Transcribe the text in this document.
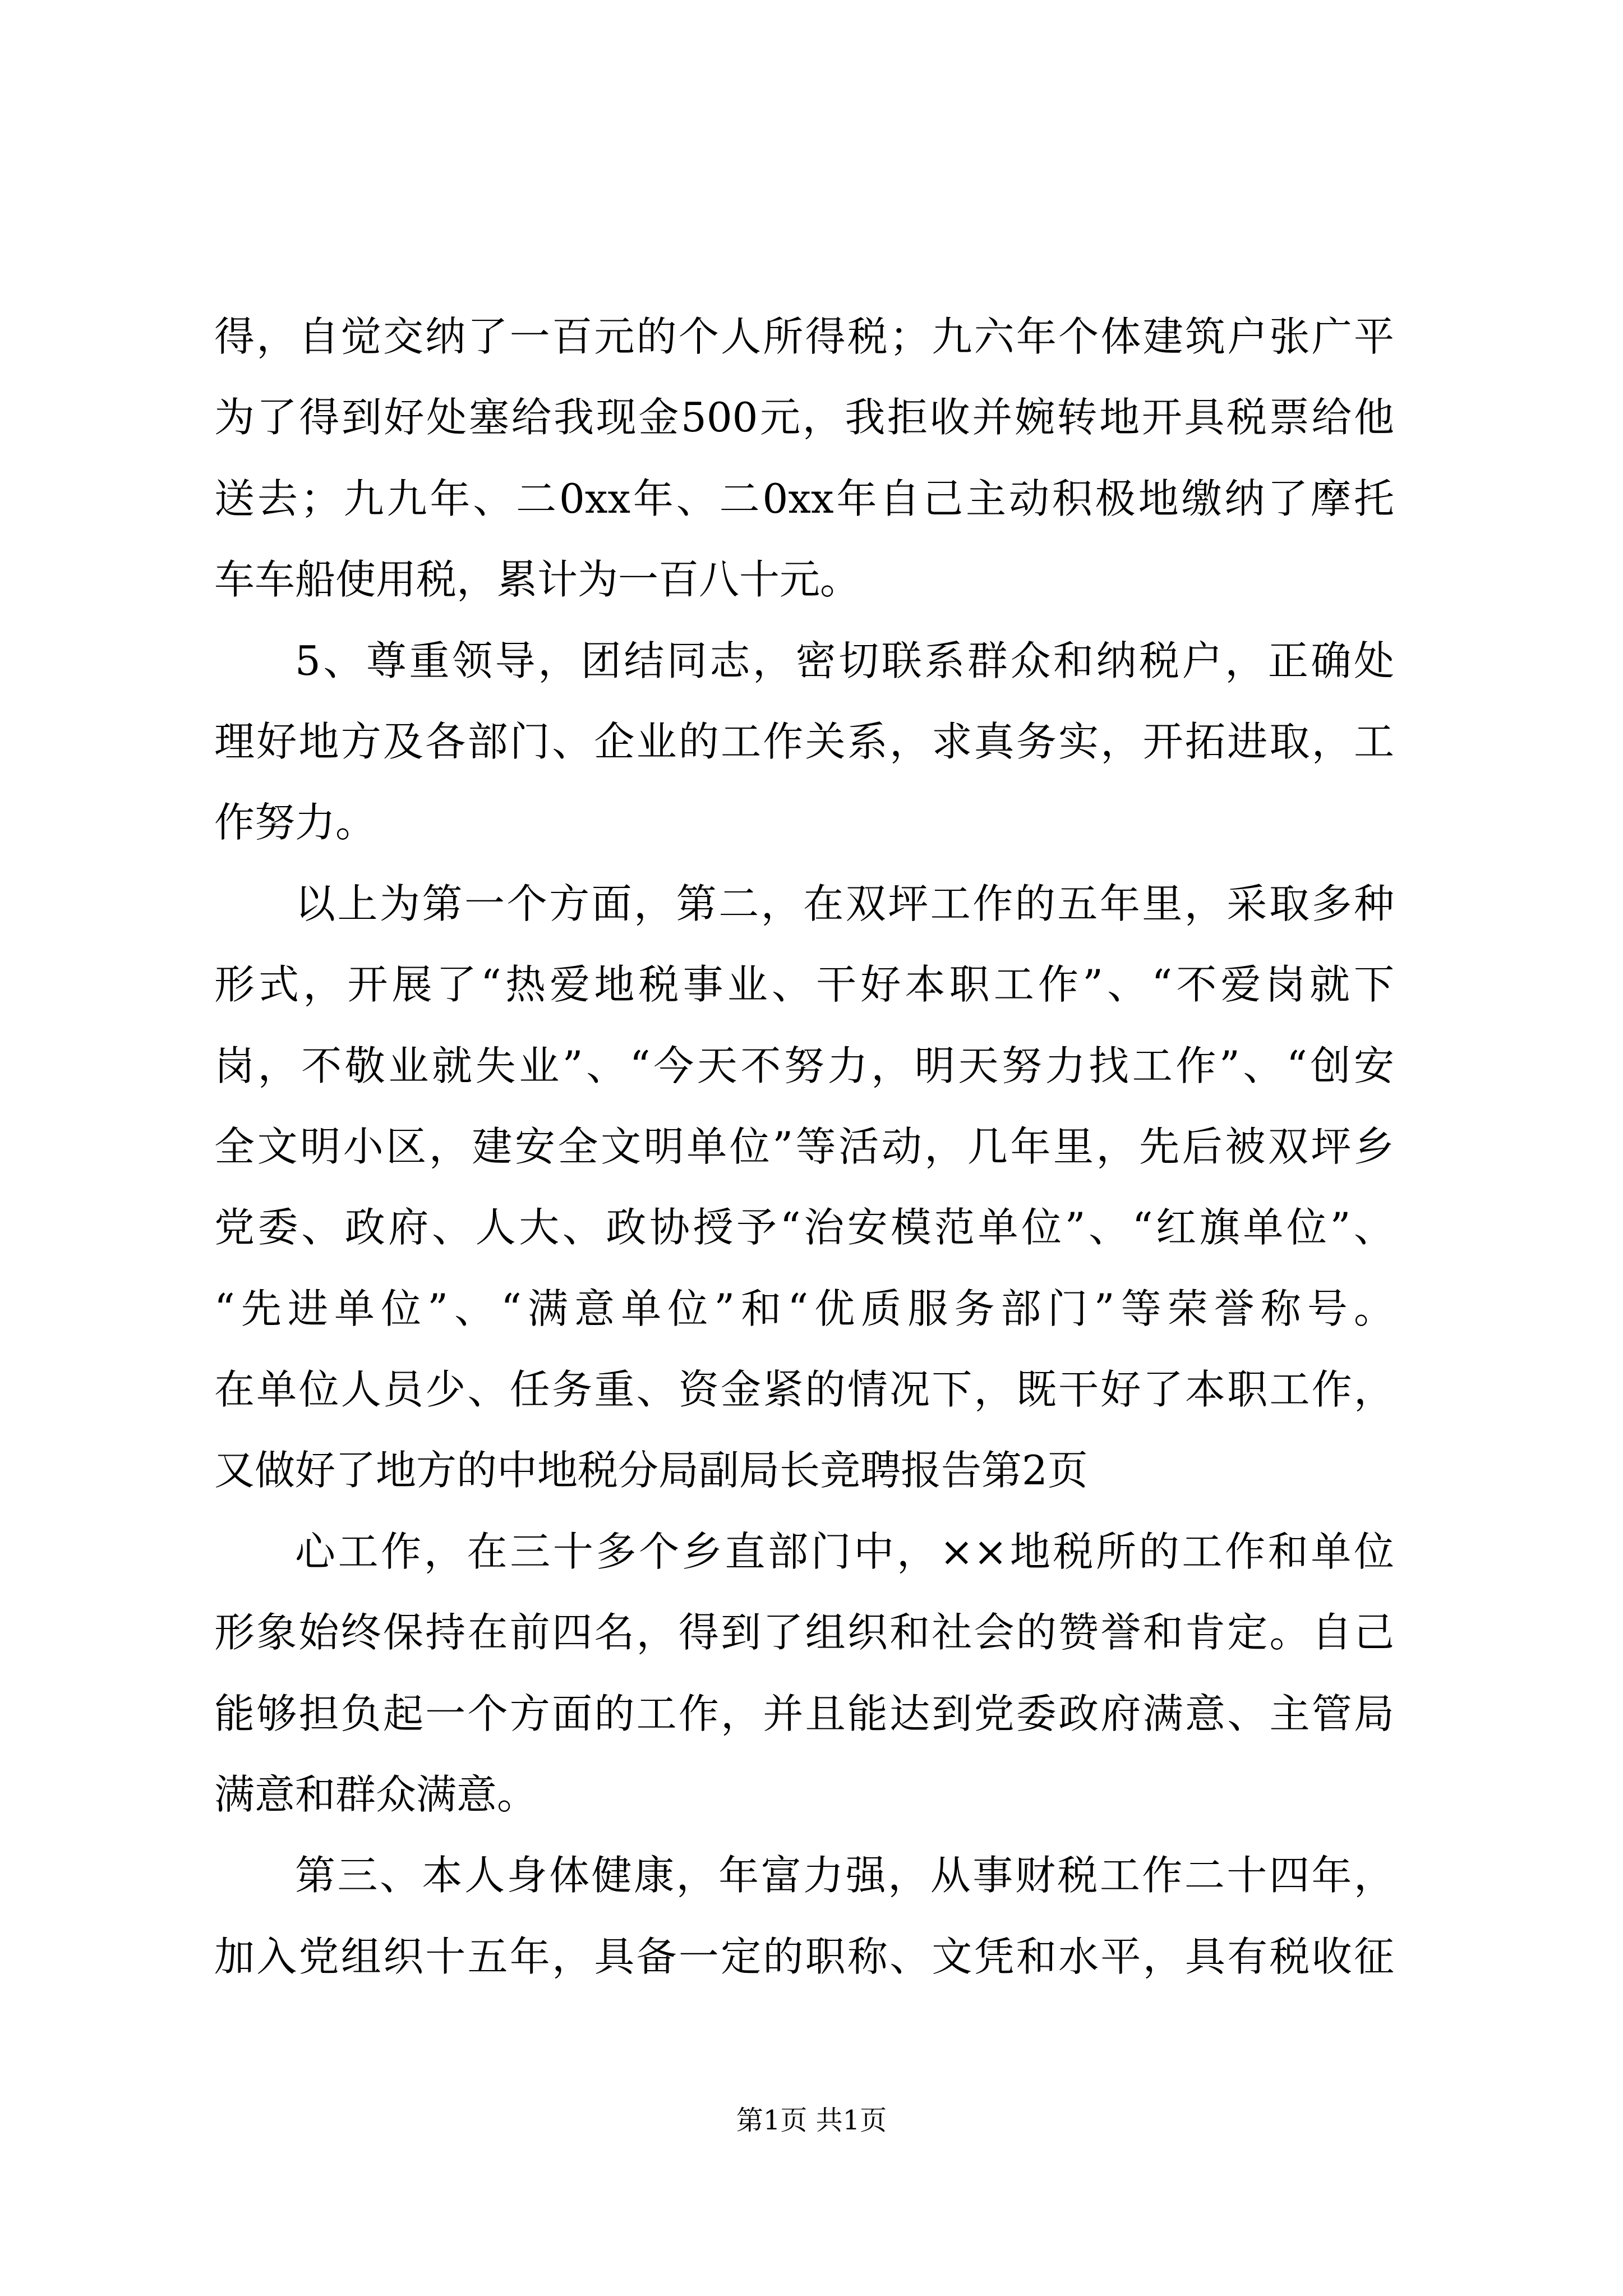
得，自觉交纳了一百元的个人所得税；九六年个体建筑户张广平
为了得到好处塞给我现金500元，我拒收并婉转地开具税票给他
送去；九九年、二0xx年、二0xx年自己主动积极地缴纳了摩托
车车船使用税，累计为一百八十元。
5、尊重领导，团结同志，密切联系群众和纳税户，正确处
理好地方及各部门、企业的工作关系，求真务实，开拓进取，工
作努力。
以上为第一个方面，第二，在双坪工作的五年里，采取多种
形式，开展了“热爱地税事业、干好本职工作”、“不爱岗就下
岗，不敬业就失业”、“今天不努力，明天努力找工作”、“创安
全文明小区，建安全文明单位”等活动，几年里，先后被双坪乡
党委、政府、人大、政协授予“治安模范单位”、“红旗单位”、
“先进单位”、“满意单位”和“优质服务部门”等荣誉称号。
在单位人员少、任务重、资金紧的情况下，既干好了本职工作，
又做好了地方的中地税分局副局长竞聘报告第2页
心工作，在三十多个乡直部门中，××地税所的工作和单位
形象始终保持在前四名，得到了组织和社会的赞誉和肯定。自己
能够担负起一个方面的工作，并且能达到党委政府满意、主管局
满意和群众满意。
第三、本人身体健康，年富力强，从事财税工作二十四年，
加入党组织十五年，具备一定的职称、文凭和水平，具有税收征
第1页 共1页
